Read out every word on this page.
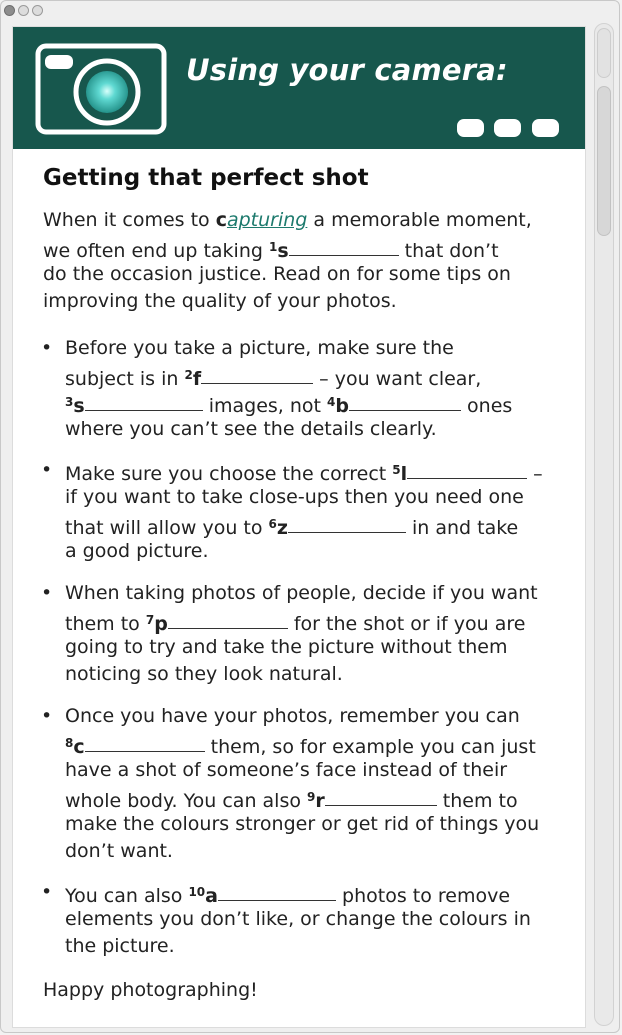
Using your camera:
Getting that perfect shot
When it comes to capturing a memorable moment,
we often end up taking $^1$s	that don’t
do the occasion justice. Read on for some tips on
improving the quality of your photos.
• Before you take a picture, make sure the
subject is in $^2$f	– you want clear,
$^3$s	images, not $^4$b	ones
where you can’t see the details clearly.
• Make sure you choose the correct $^5$l	–
if you want to take close-ups then you need one
that will allow you to $^6$z	in and take
a good picture.
• When taking photos of people, decide if you want
them to $^7$p	for the shot or if you are
going to try and take the picture without them
noticing so they look natural.
• Once you have your photos, remember you can
$^8$c	them, so for example you can just
have a shot of someone’s face instead of their
whole body. You can also $^9$r	them to
make the colours stronger or get rid of things you
don’t want.
• You can also $^{10}$a	photos to remove
elements you don’t like, or change the colours in
the picture.
Happy photographing!
